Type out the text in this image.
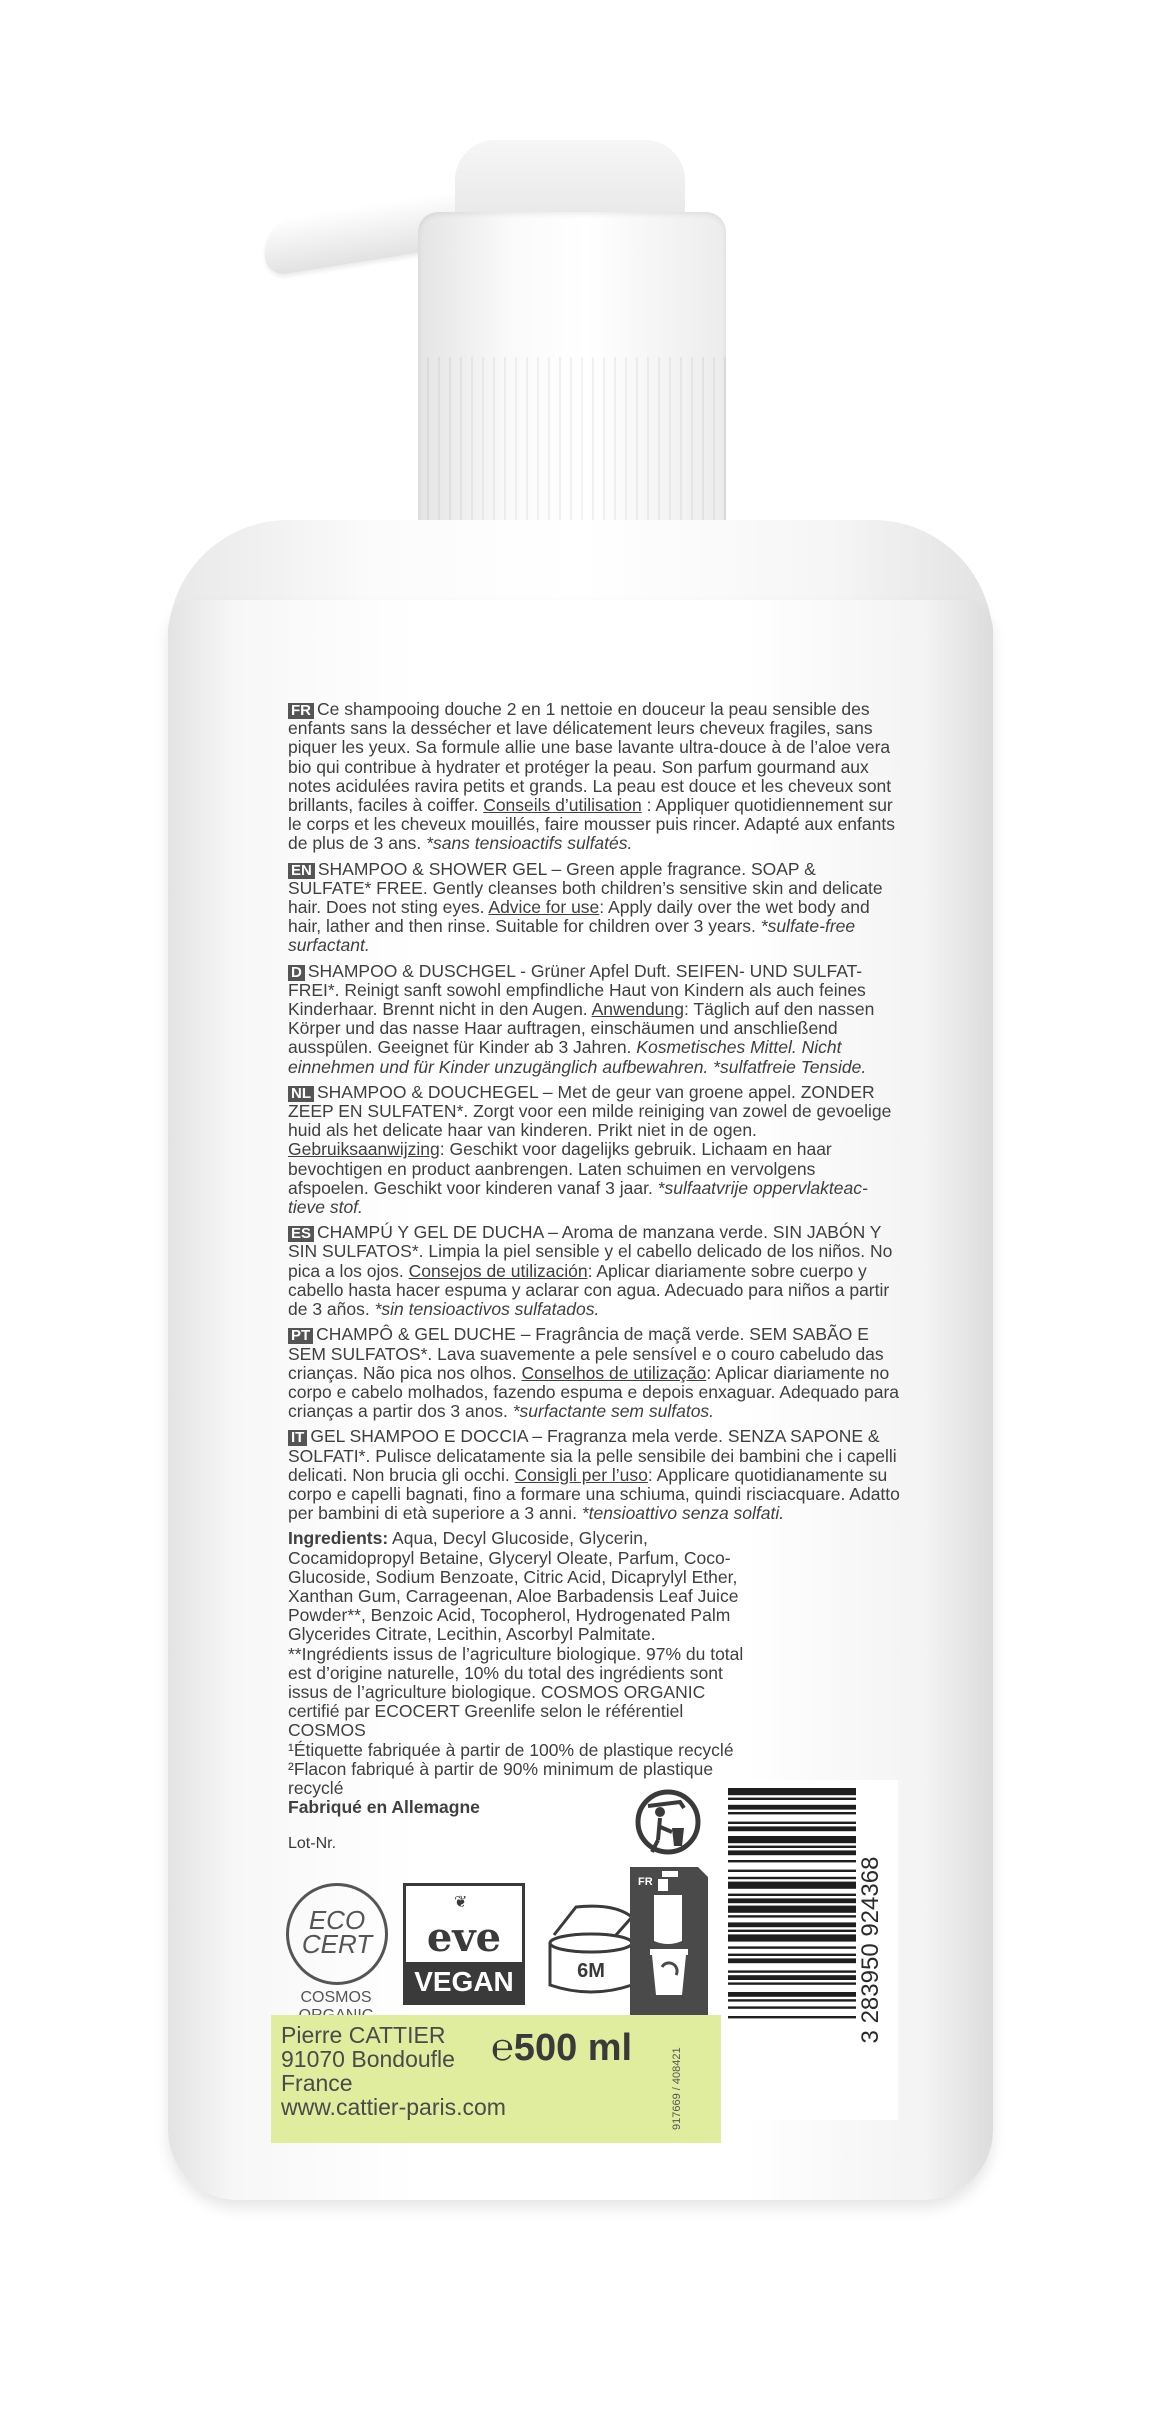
FR Ce shampooing douche 2 en 1 nettoie en douceur la peau sensible des enfants sans la dessécher et lave délicatement leurs cheveux fragiles, sans piquer les yeux. Sa formule allie une base lavante ultra-douce à de l’aloe vera bio qui contribue à hydrater et protéger la peau. Son parfum gourmand aux notes acidulées ravira petits et grands. La peau est douce et les cheveux sont brillants, faciles à coiffer. Conseils d’utilisation : Appliquer quotidiennement sur le corps et les cheveux mouillés, faire mousser puis rincer. Adapté aux enfants de plus de 3 ans. *sans tensioactifs sulfatés.
EN SHAMPOO & SHOWER GEL – Green apple fragrance. SOAP & SULFATE* FREE. Gently cleanses both children’s sensitive skin and delicate hair. Does not sting eyes. Advice for use: Apply daily over the wet body and hair, lather and then rinse. Suitable for children over 3 years. *sulfate-free surfactant.
D SHAMPOO & DUSCHGEL - Grüner Apfel Duft. SEIFEN- UND SULFAT-FREI*. Reinigt sanft sowohl empfindliche Haut von Kindern als auch feines Kinderhaar. Brennt nicht in den Augen. Anwendung: Täglich auf den nassen Körper und das nasse Haar auftragen, einschäumen und anschließend ausspülen. Geeignet für Kinder ab 3 Jahren. Kosmetisches Mittel. Nicht einnehmen und für Kinder unzugänglich aufbewahren. *sulfatfreie Tenside.
NL SHAMPOO & DOUCHEGEL – Met de geur van groene appel. ZONDER ZEEP EN SULFATEN*. Zorgt voor een milde reiniging van zowel de gevoelige huid als het delicate haar van kinderen. Prikt niet in de ogen. Gebruiksaanwijzing: Geschikt voor dagelijks gebruik. Lichaam en haar bevochtigen en product aanbrengen. Laten schuimen en vervolgens afspoelen. Geschikt voor kinderen vanaf 3 jaar. *sulfaatvrije oppervlakteac-tieve stof.
ES CHAMPÚ Y GEL DE DUCHA – Aroma de manzana verde. SIN JABÓN Y SIN SULFATOS*. Limpia la piel sensible y el cabello delicado de los niños. No pica a los ojos. Consejos de utilización: Aplicar diariamente sobre cuerpo y cabello hasta hacer espuma y aclarar con agua. Adecuado para niños a partir de 3 años. *sin tensioactivos sulfatados.
PT CHAMPÔ & GEL DUCHE – Fragrância de maçã verde. SEM SABÃO E SEM SULFATOS*. Lava suavemente a pele sensível e o couro cabeludo das crianças. Não pica nos olhos. Conselhos de utilização: Aplicar diariamente no corpo e cabelo molhados, fazendo espuma e depois enxaguar. Adequado para crianças a partir dos 3 anos. *surfactante sem sulfatos.
IT GEL SHAMPOO E DOCCIA – Fragranza mela verde. SENZA SAPONE & SOLFATI*. Pulisce delicatamente sia la pelle sensibile dei bambini che i capelli delicati. Non brucia gli occhi. Consigli per l’uso: Applicare quotidianamente su corpo e capelli bagnati, fino a formare una schiuma, quindi risciacquare. Adatto per bambini di età superiore a 3 anni. *tensioattivo senza solfati.
Ingredients: Aqua, Decyl Glucoside, Glycerin, Cocamidopropyl Betaine, Glyceryl Oleate, Parfum, Coco-Glucoside, Sodium Benzoate, Citric Acid, Dicaprylyl Ether, Xanthan Gum, Carrageenan, Aloe Barbadensis Leaf Juice Powder**, Benzoic Acid, Tocopherol, Hydrogenated Palm Glycerides Citrate, Lecithin, Ascorbyl Palmitate. **Ingrédients issus de l’agriculture biologique. 97% du total est d’origine naturelle, 10% du total des ingrédients sont issus de l’agriculture biologique. COSMOS ORGANIC certifié par ECOCERT Greenlife selon le référentiel COSMOS
¹Étiquette fabriquée à partir de 100% de plastique recyclé
²Flacon fabriqué à partir de 90% minimum de plastique recyclé
Fabriqué en Allemagne
Lot-Nr.
ECO
CERT
COSMOS

❦
eve
VEGAN	6M
FR	3 283950 924368
Pierre CATTIER
91070 Bondoufle
France
www.cattier-paris.com
℮500 ml	917669 / 408421
